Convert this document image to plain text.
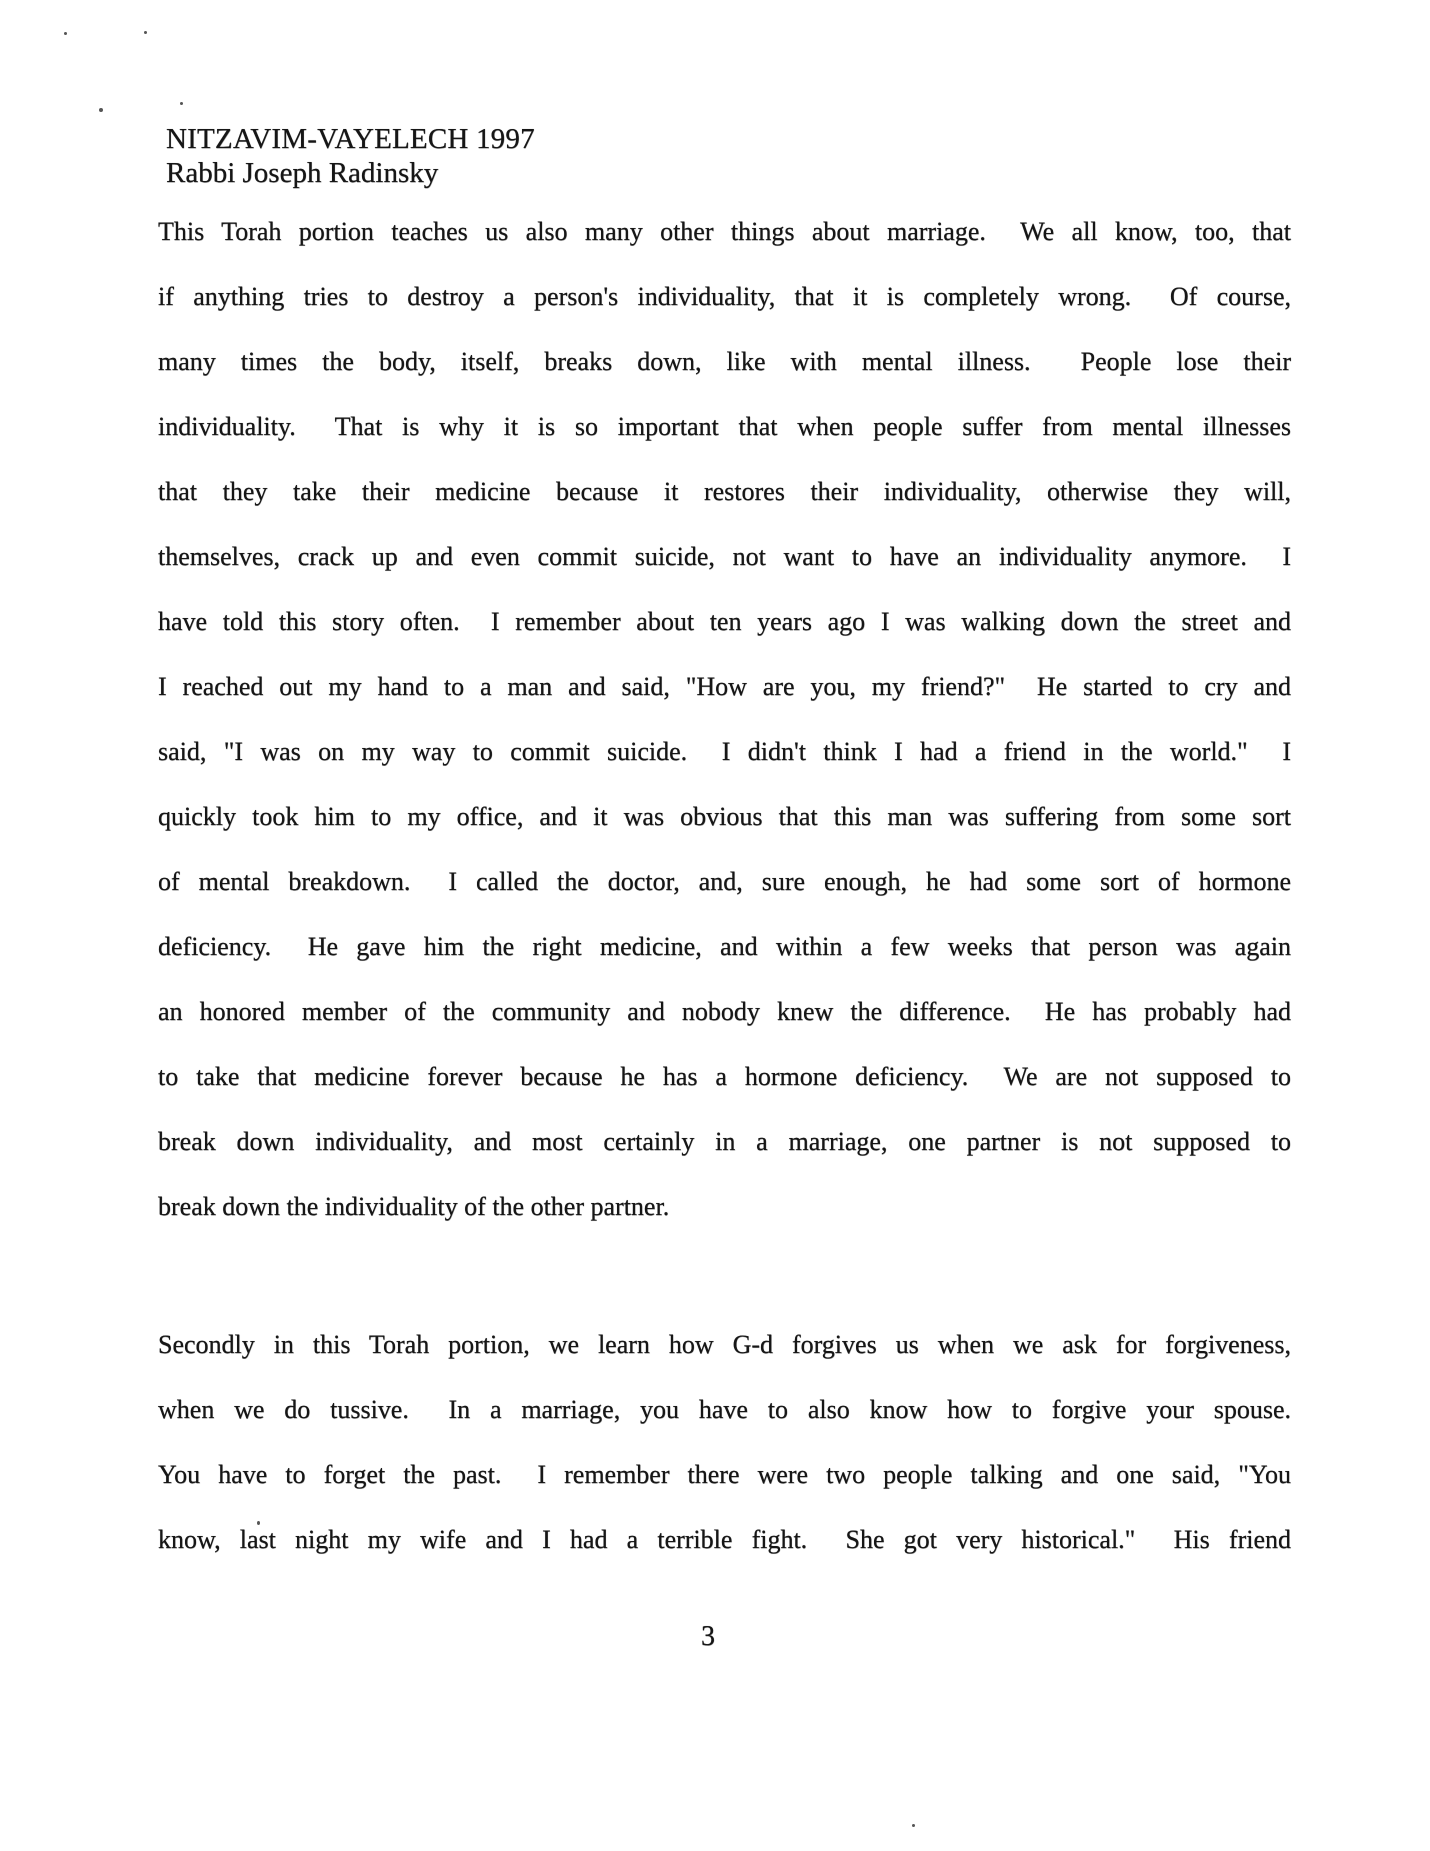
NITZAVIM-VAYELECH 1997
Rabbi Joseph Radinsky
This Torah portion teaches us also many other things about marriage.  We all know, too, that
if anything tries to destroy a person's individuality, that it is completely wrong.  Of course,
many times the body, itself, breaks down, like with mental illness.  People lose their
individuality.  That is why it is so important that when people suffer from mental illnesses
that they take their medicine because it restores their individuality, otherwise they will,
themselves, crack up and even commit suicide, not want to have an individuality anymore.  I
have told this story often.  I remember about ten years ago I was walking down the street and
I reached out my hand to a man and said, "How are you, my friend?"  He started to cry and
said, "I was on my way to commit suicide.  I didn't think I had a friend in the world."  I
quickly took him to my office, and it was obvious that this man was suffering from some sort
of mental breakdown.  I called the doctor, and, sure enough, he had some sort of hormone
deficiency.  He gave him the right medicine, and within a few weeks that person was again
an honored member of the community and nobody knew the difference.  He has probably had
to take that medicine forever because he has a hormone deficiency.  We are not supposed to
break down individuality, and most certainly in a marriage, one partner is not supposed to
break down the individuality of the other partner.
Secondly in this Torah portion, we learn how G-d forgives us when we ask for forgiveness,
when we do tussive.  In a marriage, you have to also know how to forgive your spouse.
You have to forget the past.  I remember there were two people talking and one said, "You
know, last night my wife and I had a terrible fight.  She got very historical."  His friend
3
